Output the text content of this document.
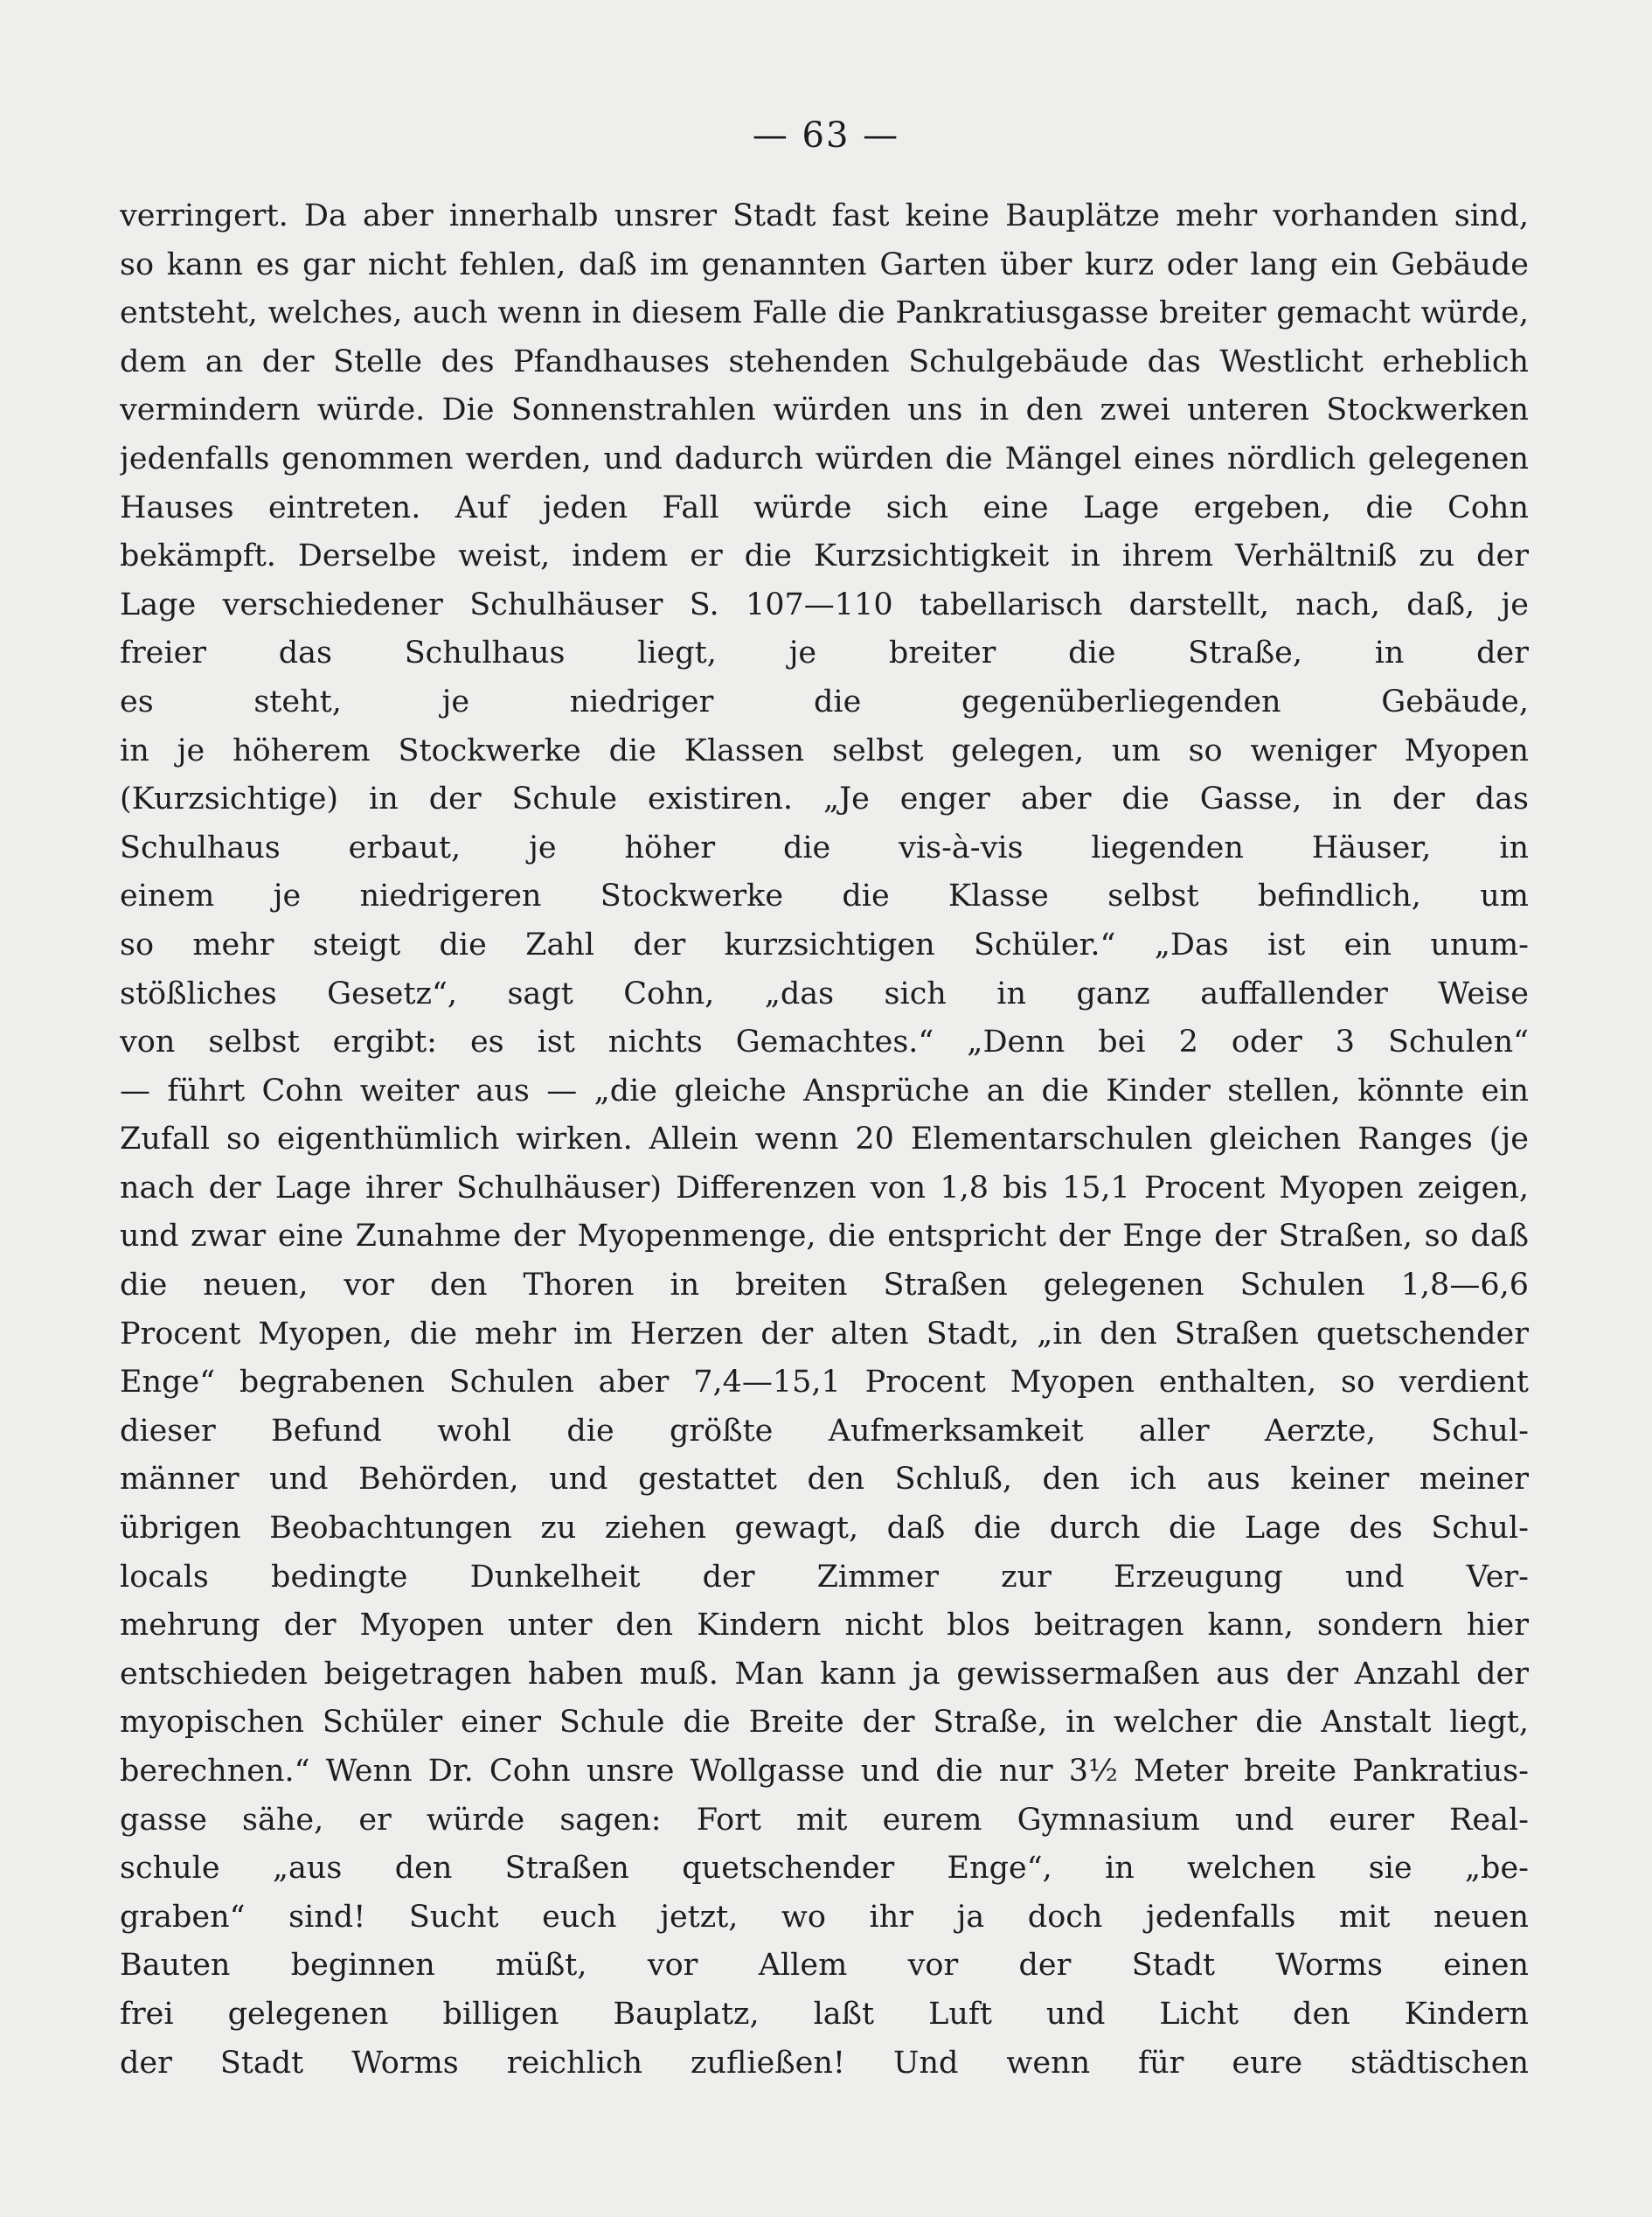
— 63 —
verringert. Da aber innerhalb unsrer Stadt fast keine Bauplätze mehr vorhanden sind,
so kann es gar nicht fehlen, daß im genannten Garten über kurz oder lang ein Gebäude
entsteht, welches, auch wenn in diesem Falle die Pankratiusgasse breiter gemacht würde,
dem an der Stelle des Pfandhauses stehenden Schulgebäude das Westlicht erheblich
vermindern würde. Die Sonnenstrahlen würden uns in den zwei unteren Stockwerken
jedenfalls genommen werden, und dadurch würden die Mängel eines nördlich gelegenen
Hauses eintreten. Auf jeden Fall würde sich eine Lage ergeben, die Cohn
bekämpft. Derselbe weist, indem er die Kurzsichtigkeit in ihrem Verhältniß zu der
Lage verschiedener Schulhäuser S. 107—110 tabellarisch darstellt, nach, daß, je
freier das Schulhaus liegt, je breiter die Straße, in der
es steht, je niedriger die gegenüberliegenden Gebäude,
in je höherem Stockwerke die Klassen selbst gelegen, um so weniger Myopen
(Kurzsichtige) in der Schule existiren. „Je enger aber die Gasse, in der das
Schulhaus erbaut, je höher die vis-à-vis liegenden Häuser, in
einem je niedrigeren Stockwerke die Klasse selbst befindlich, um
so mehr steigt die Zahl der kurzsichtigen Schüler.“ „Das ist ein unum-
stößliches Gesetz“, sagt Cohn, „das sich in ganz auffallender Weise
von selbst ergibt: es ist nichts Gemachtes.“ „Denn bei 2 oder 3 Schulen“
— führt Cohn weiter aus — „die gleiche Ansprüche an die Kinder stellen, könnte ein
Zufall so eigenthümlich wirken. Allein wenn 20 Elementarschulen gleichen Ranges (je
nach der Lage ihrer Schulhäuser) Differenzen von 1,8 bis 15,1 Procent Myopen zeigen,
und zwar eine Zunahme der Myopenmenge, die entspricht der Enge der Straßen, so daß
die neuen, vor den Thoren in breiten Straßen gelegenen Schulen 1,8—6,6
Procent Myopen, die mehr im Herzen der alten Stadt, „in den Straßen quetschender
Enge“ begrabenen Schulen aber 7,4—15,1 Procent Myopen enthalten, so verdient
dieser Befund wohl die größte Aufmerksamkeit aller Aerzte, Schul-
männer und Behörden, und gestattet den Schluß, den ich aus keiner meiner
übrigen Beobachtungen zu ziehen gewagt, daß die durch die Lage des Schul-
locals bedingte Dunkelheit der Zimmer zur Erzeugung und Ver-
mehrung der Myopen unter den Kindern nicht blos beitragen kann, sondern hier
entschieden beigetragen haben muß. Man kann ja gewissermaßen aus der Anzahl der
myopischen Schüler einer Schule die Breite der Straße, in welcher die Anstalt liegt,
berechnen.“ Wenn Dr. Cohn unsre Wollgasse und die nur 3½ Meter breite Pankratius-
gasse sähe, er würde sagen: Fort mit eurem Gymnasium und eurer Real-
schule „aus den Straßen quetschender Enge“, in welchen sie „be-
graben“ sind! Sucht euch jetzt, wo ihr ja doch jedenfalls mit neuen
Bauten beginnen müßt, vor Allem vor der Stadt Worms einen
frei gelegenen billigen Bauplatz, laßt Luft und Licht den Kindern
der Stadt Worms reichlich zufließen! Und wenn für eure städtischen
